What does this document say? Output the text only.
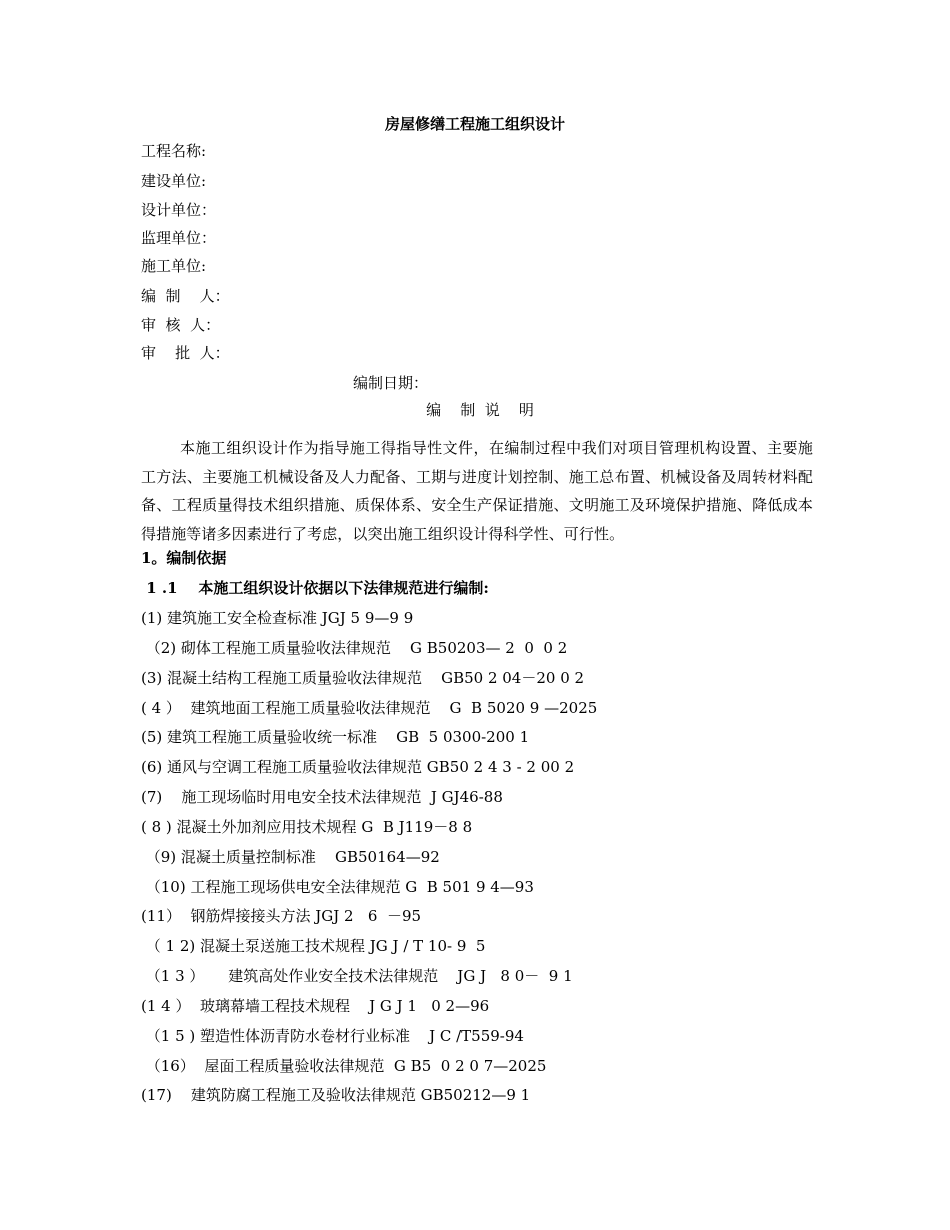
房屋修缮工程施工组织设计
工程名称:
建设单位:
设计单位：
监理单位：
施工单位:
编  制    人：
审  核  人：
审    批  人：
编制日期：
编    制  说    明
本施工组织设计作为指导施工得指导性文件，在编制过程中我们对项目管理机构设置、主要施工方法、主要施工机械设备及人力配备、工期与进度计划控制、施工总布置、机械设备及周转材料配备、工程质量得技术组织措施、质保体系、安全生产保证措施、文明施工及环境保护措施、降低成本得措施等诸多因素进行了考虑，以突出施工组织设计得科学性、可行性。
1。编制依据
1 .1    本施工组织设计依据以下法律规范进行编制:
(1) 建筑施工安全检查标准 JGJ 5 9—9 9
（2) 砌体工程施工质量验收法律规范    G B50203— 2  0  0 2
(3) 混凝土结构工程施工质量验收法律规范    GB50 2 04－20 0 2
( 4 ）  建筑地面工程施工质量验收法律规范    G  B 5020 9 —2025
(5) 建筑工程施工质量验收统一标准    GB  5 0300-200 1
(6) 通风与空调工程施工质量验收法律规范 GB50 2 4 3 - 2 00 2
(7)    施工现场临时用电安全技术法律规范  J GJ46-88
( 8 ) 混凝土外加剂应用技术规程 G  B J119－8 8
（9) 混凝土质量控制标准    GB50164—92
（10) 工程施工现场供电安全法律规范 G  B 501 9 4—93
(11）  钢筋焊接接头方法 JGJ 2   6  －95
（ 1 2) 混凝土泵送施工技术规程 JG J / T 10- 9  5
（1 3 ）     建筑高处作业安全技术法律规范    JG J   8 0－  9 1
(1 4 ）  玻璃幕墙工程技术规程    J G J 1   0 2—96
（1 5 ) 塑造性体沥青防水卷材行业标准    J C /T559-94
（16）  屋面工程质量验收法律规范  G B5  0 2 0 7—2025
(17)    建筑防腐工程施工及验收法律规范 GB50212—9 1
